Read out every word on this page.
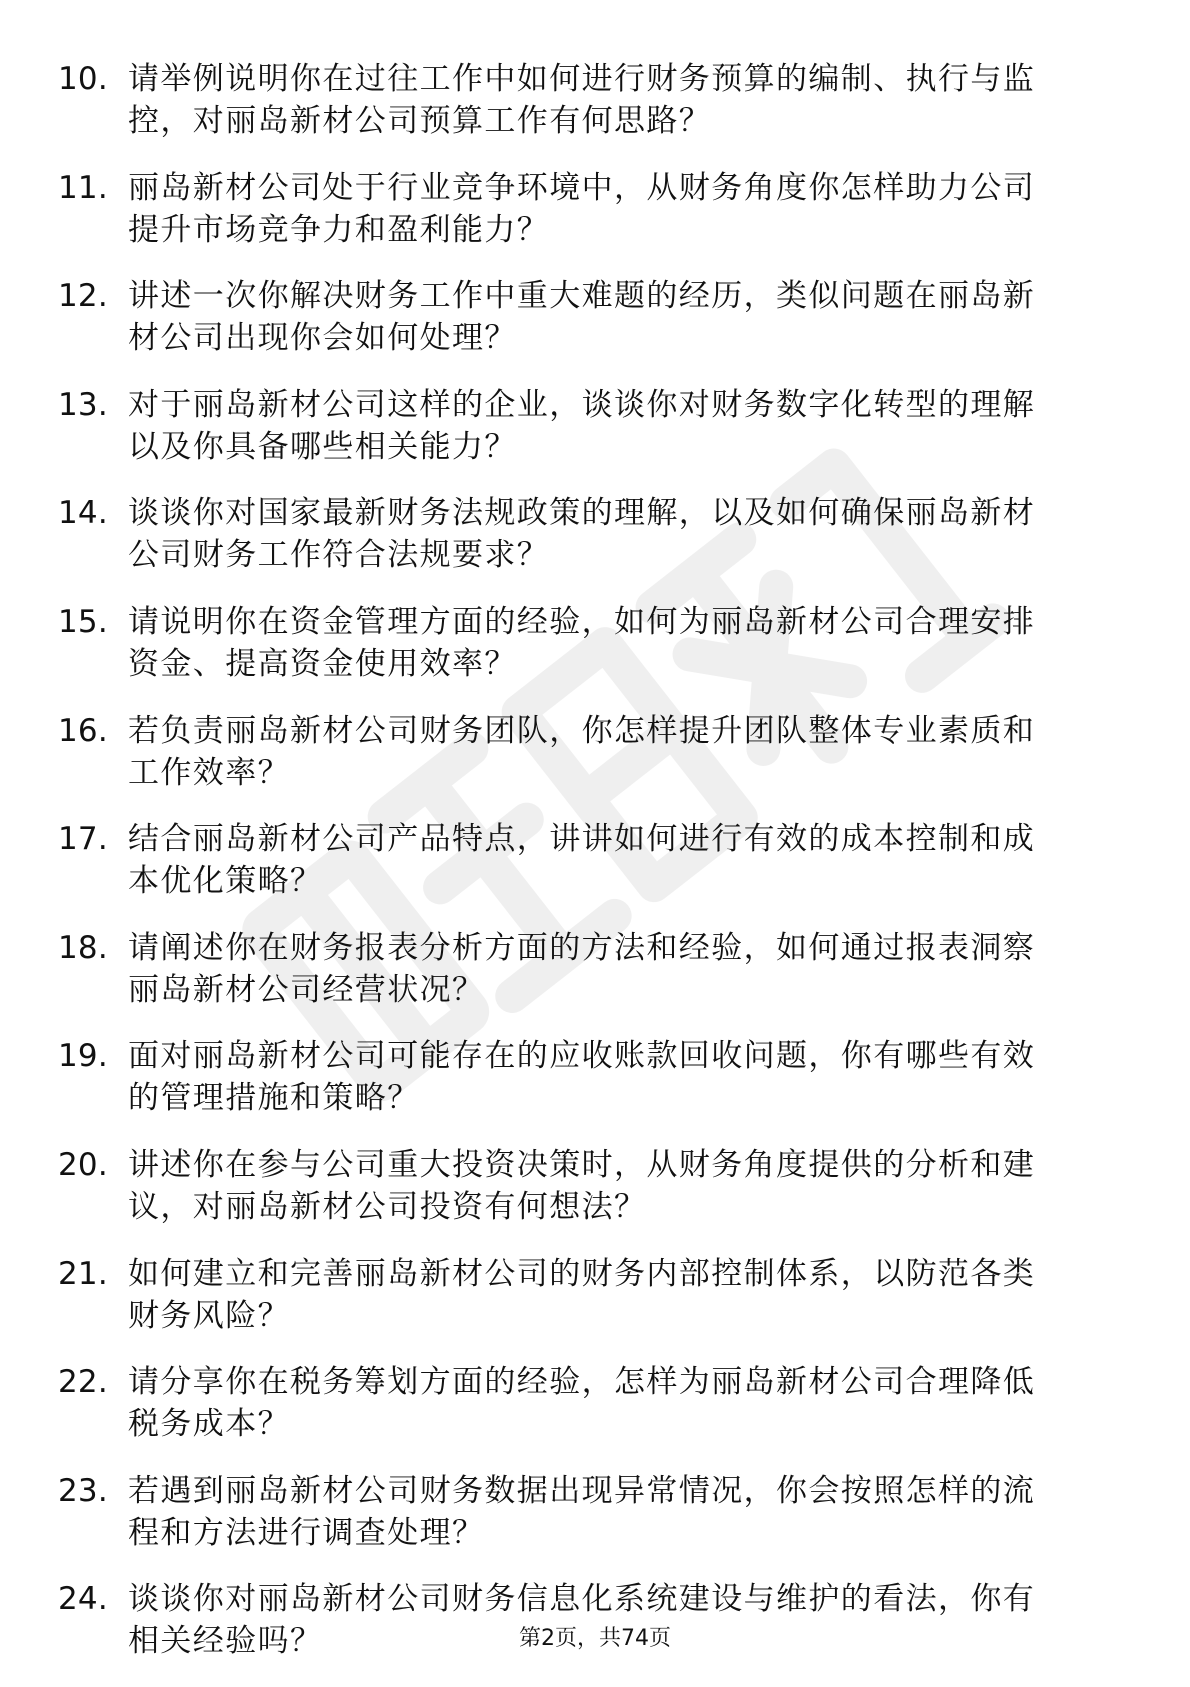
10. 请举例说明你在过往工作中如何进行财务预算的编制、执行与监
控，对丽岛新材公司预算工作有何思路？
11. 丽岛新材公司处于行业竞争环境中，从财务角度你怎样助力公司
提升市场竞争力和盈利能力？
12. 讲述一次你解决财务工作中重大难题的经历，类似问题在丽岛新
材公司出现你会如何处理？
13. 对于丽岛新材公司这样的企业，谈谈你对财务数字化转型的理解
以及你具备哪些相关能力？
14. 谈谈你对国家最新财务法规政策的理解，以及如何确保丽岛新材
公司财务工作符合法规要求？
15. 请说明你在资金管理方面的经验，如何为丽岛新材公司合理安排
资金、提高资金使用效率？
16. 若负责丽岛新材公司财务团队，你怎样提升团队整体专业素质和
工作效率？
17. 结合丽岛新材公司产品特点，讲讲如何进行有效的成本控制和成
本优化策略？
18. 请阐述你在财务报表分析方面的方法和经验，如何通过报表洞察
丽岛新材公司经营状况？
19. 面对丽岛新材公司可能存在的应收账款回收问题，你有哪些有效
的管理措施和策略？
20. 讲述你在参与公司重大投资决策时，从财务角度提供的分析和建
议，对丽岛新材公司投资有何想法？
21. 如何建立和完善丽岛新材公司的财务内部控制体系，以防范各类
财务风险？
22. 请分享你在税务筹划方面的经验，怎样为丽岛新材公司合理降低
税务成本？
23. 若遇到丽岛新材公司财务数据出现异常情况，你会按照怎样的流
程和方法进行调查处理？
24. 谈谈你对丽岛新材公司财务信息化系统建设与维护的看法，你有
相关经验吗？	第2页，共74页
